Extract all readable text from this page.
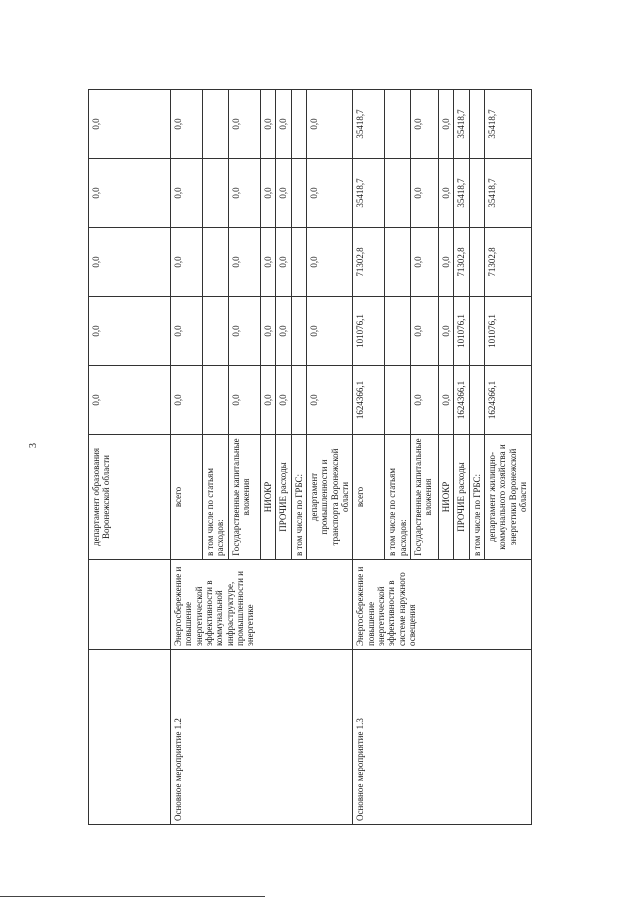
3
		департамент образования Воронежской области	0,0	0,0	0,0	0,0	0,0
Основное мероприятие 1.2	Энергосбережение и повышение энергетической эффективности в коммунальной инфраструктуре, промышленности и энергетике	всего	0,0	0,0	0,0	0,0	0,0
		в том числе по статьям расходов:					
		Государственные капитальные вложения	0,0	0,0	0,0	0,0	0,0
		НИОКР	0,0	0,0	0,0	0,0	0,0
		ПРОЧИЕ расходы	0,0	0,0	0,0	0,0	0,0
		в том числе по ГРБС:					
		департамент промышленности и транспорта Воронежской области	0,0	0,0	0,0	0,0	0,0
Основное мероприятие 1.3	Энергосбережение и повышение энергетической эффективности в системе наружного освещения	всего	1624366,1	101076,1	71302,8	35418,7	35418,7
		в том числе по статьям расходов:					
		Государственные капитальные вложения	0,0	0,0	0,0	0,0	0,0
		НИОКР	0,0	0,0	0,0	0,0	0,0
		ПРОЧИЕ расходы	1624366,1	101076,1	71302,8	35418,7	35418,7
		в том числе по ГРБС:					
		департамент жилищно-коммунального хозяйства и энергетики Воронежской области	1624366,1	101076,1	71302,8	35418,7	35418,7
